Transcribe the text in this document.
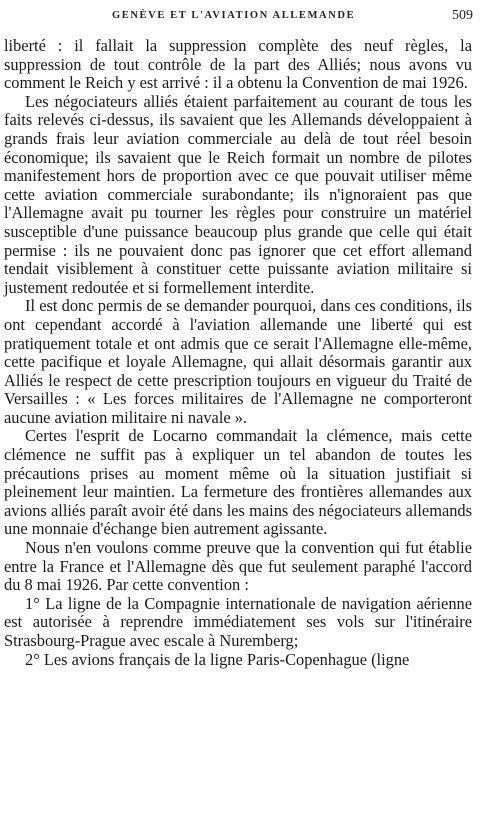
GENÈVE ET L'AVIATION ALLEMANDE	509

liberté : il fallait la suppression complète des neuf règles, la suppression de tout contrôle de la part des Alliés; nous avons vu comment le Reich y est arrivé : il a obtenu la Convention de mai 1926.

Les négociateurs alliés étaient parfaitement au courant de tous les faits relevés ci-dessus, ils savaient que les Allemands développaient à grands frais leur aviation commerciale au delà de tout réel besoin économique; ils savaient que le Reich formait un nombre de pilotes manifestement hors de proportion avec ce que pouvait utiliser même cette aviation commerciale surabondante; ils n'ignoraient pas que l'Allemagne avait pu tourner les règles pour construire un matériel susceptible d'une puissance beaucoup plus grande que celle qui était permise : ils ne pouvaient donc pas ignorer que cet effort allemand tendait visiblement à constituer cette puissante aviation militaire si justement redoutée et si formellement interdite.

Il est donc permis de se demander pourquoi, dans ces conditions, ils ont cependant accordé à l'aviation allemande une liberté qui est pratiquement totale et ont admis que ce serait l'Allemagne elle-même, cette pacifique et loyale Allemagne, qui allait désormais garantir aux Alliés le respect de cette prescription toujours en vigueur du Traité de Versailles : « Les forces militaires de l'Allemagne ne comporteront aucune aviation militaire ni navale ».

Certes l'esprit de Locarno commandait la clémence, mais cette clémence ne suffit pas à expliquer un tel abandon de toutes les précautions prises au moment même où la situation justifiait si pleinement leur maintien. La fermeture des frontières allemandes aux avions alliés paraît avoir été dans les mains des négociateurs allemands une monnaie d'échange bien autrement agissante.

Nous n'en voulons comme preuve que la convention qui fut établie entre la France et l'Allemagne dès que fut seulement paraphé l'accord du 8 mai 1926. Par cette convention :

1° La ligne de la Compagnie internationale de navigation aérienne est autorisée à reprendre immédiatement ses vols sur l'itinéraire Strasbourg-Prague avec escale à Nuremberg;

2° Les avions français de la ligne Paris-Copenhague (ligne
